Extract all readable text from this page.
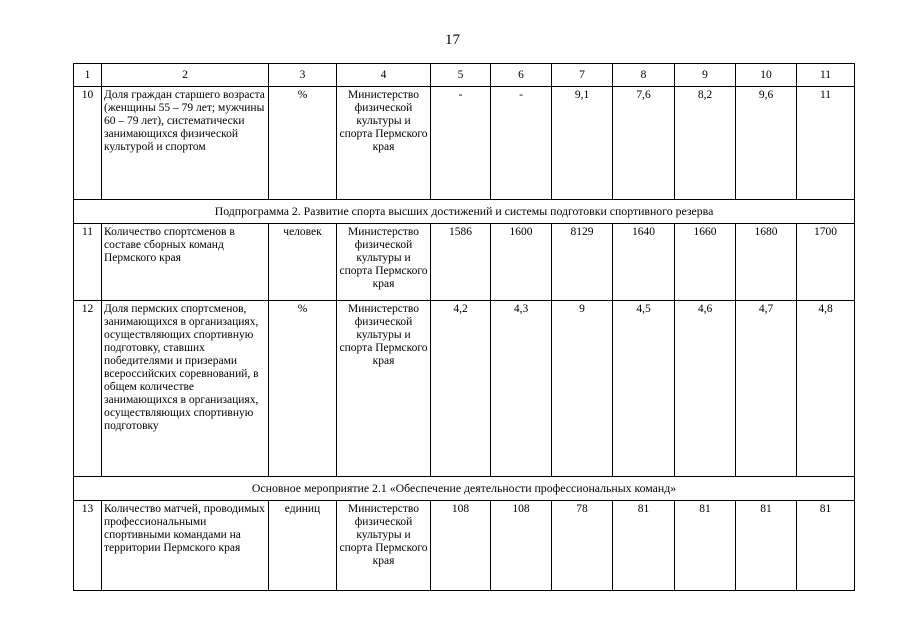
17
1	2	3	4	5	6	7	8	9	10	11
10	Доля граждан старшего возраста (женщины 55 – 79 лет; мужчины 60 – 79 лет), систематически занимающихся физической культурой и спортом	%	Министерство физической культуры и спорта Пермского края	-	-	9,1	7,6	8,2	9,6	11
Подпрограмма 2. Развитие спорта высших достижений и системы подготовки спортивного резерва										
11	Количество спортсменов в составе сборных команд Пермского края	человек	Министерство физической культуры и спорта Пермского края	1586	1600	8129	1640	1660	1680	1700
12	Доля пермских спортсменов, занимающихся в организациях, осуществляющих спортивную подготовку, ставших победителями и призерами всероссийских соревнований, в общем количестве занимающихся в организациях, осуществляющих спортивную подготовку	%	Министерство физической культуры и спорта Пермского края	4,2	4,3	9	4,5	4,6	4,7	4,8
Основное мероприятие 2.1 «Обеспечение деятельности профессиональных команд»										
13	Количество матчей, проводимых профессиональными спортивными командами на территории Пермского края	единиц	Министерство физической культуры и спорта Пермского края	108	108	78	81	81	81	81
